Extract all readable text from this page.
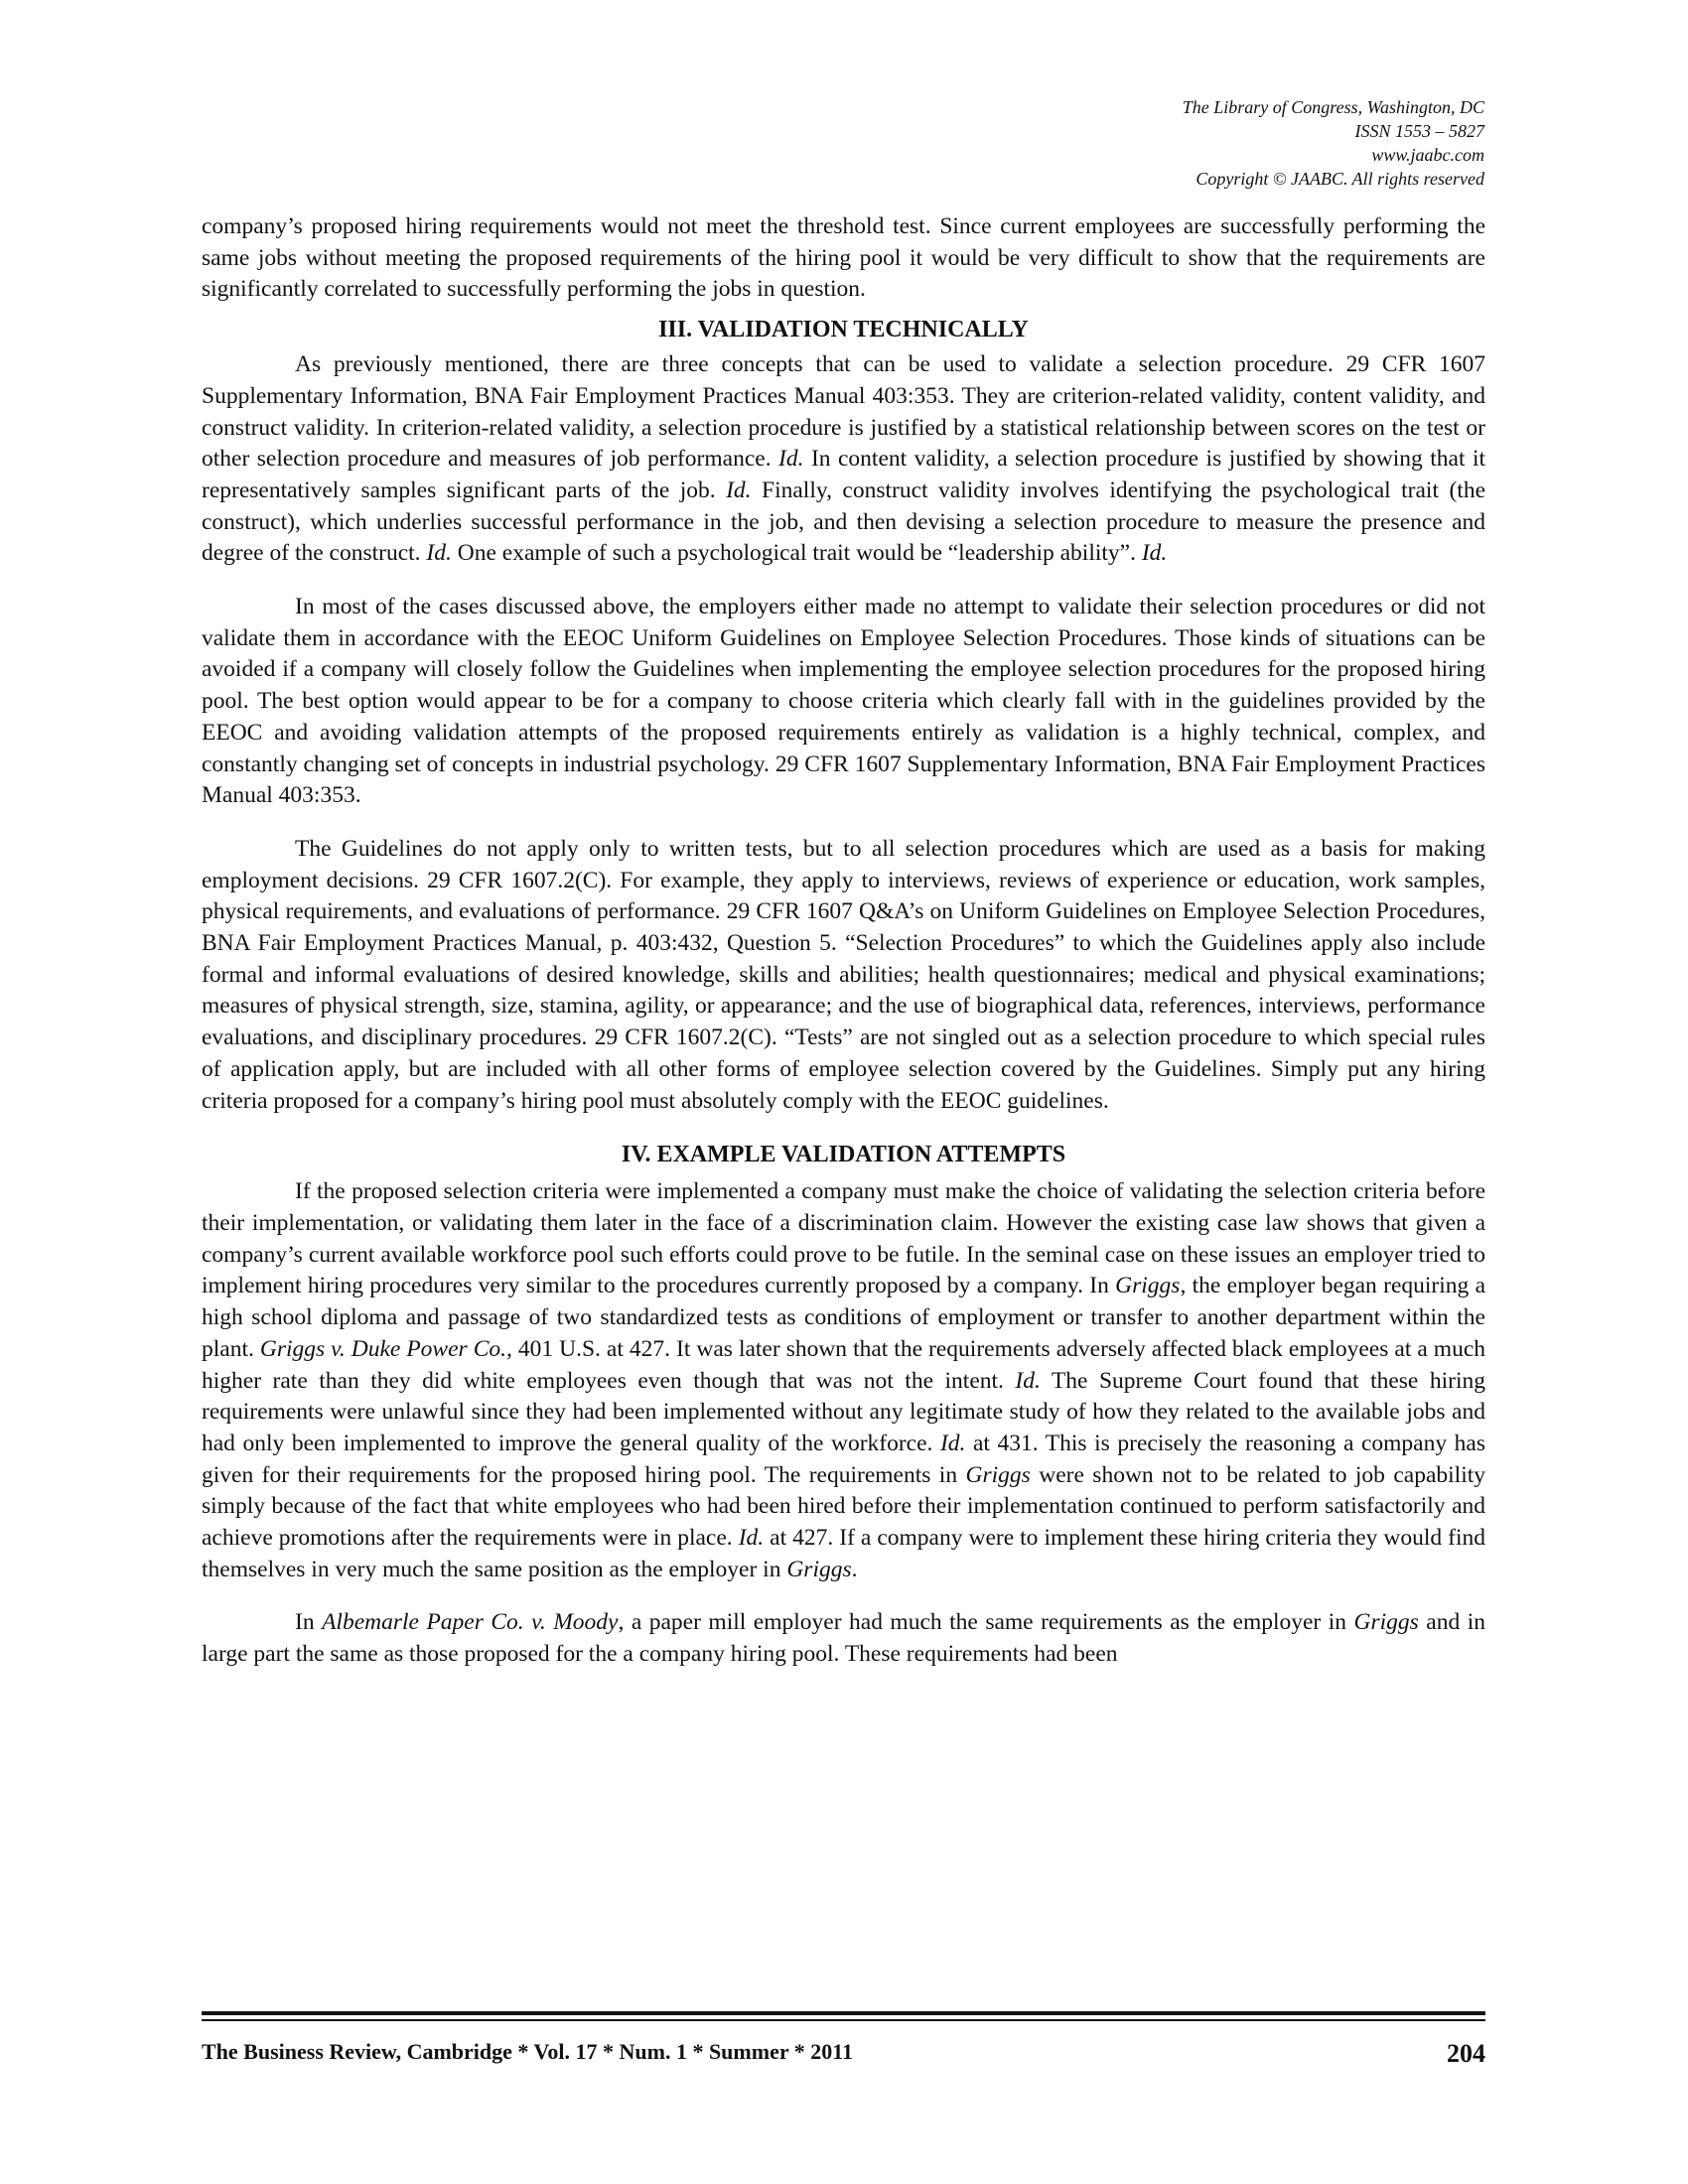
The Library of Congress, Washington, DC
ISSN 1553 – 5827
www.jaabc.com
Copyright © JAABC. All rights reserved

company’s proposed hiring requirements would not meet the threshold test. Since current employees are successfully performing the same jobs without meeting the proposed requirements of the hiring pool it would be very difficult to show that the requirements are significantly correlated to successfully performing the jobs in question.

III. VALIDATION TECHNICALLY

As previously mentioned, there are three concepts that can be used to validate a selection procedure. 29 CFR 1607 Supplementary Information, BNA Fair Employment Practices Manual 403:353. They are criterion-related validity, content validity, and construct validity. In criterion-related validity, a selection procedure is justified by a statistical relationship between scores on the test or other selection procedure and measures of job performance. Id. In content validity, a selection procedure is justified by showing that it representatively samples significant parts of the job. Id. Finally, construct validity involves identifying the psychological trait (the construct), which underlies successful performance in the job, and then devising a selection procedure to measure the presence and degree of the construct. Id. One example of such a psychological trait would be “leadership ability”. Id.

In most of the cases discussed above, the employers either made no attempt to validate their selection procedures or did not validate them in accordance with the EEOC Uniform Guidelines on Employee Selection Procedures. Those kinds of situations can be avoided if a company will closely follow the Guidelines when implementing the employee selection procedures for the proposed hiring pool. The best option would appear to be for a company to choose criteria which clearly fall with in the guidelines provided by the EEOC and avoiding validation attempts of the proposed requirements entirely as validation is a highly technical, complex, and constantly changing set of concepts in industrial psychology. 29 CFR 1607 Supplementary Information, BNA Fair Employment Practices Manual 403:353.

The Guidelines do not apply only to written tests, but to all selection procedures which are used as a basis for making employment decisions. 29 CFR 1607.2(C). For example, they apply to interviews, reviews of experience or education, work samples, physical requirements, and evaluations of performance. 29 CFR 1607 Q&A’s on Uniform Guidelines on Employee Selection Procedures, BNA Fair Employment Practices Manual, p. 403:432, Question 5. “Selection Procedures” to which the Guidelines apply also include formal and informal evaluations of desired knowledge, skills and abilities; health questionnaires; medical and physical examinations; measures of physical strength, size, stamina, agility, or appearance; and the use of biographical data, references, interviews, performance evaluations, and disciplinary procedures. 29 CFR 1607.2(C). “Tests” are not singled out as a selection procedure to which special rules of application apply, but are included with all other forms of employee selection covered by the Guidelines. Simply put any hiring criteria proposed for a company’s hiring pool must absolutely comply with the EEOC guidelines.

IV. EXAMPLE VALIDATION ATTEMPTS

If the proposed selection criteria were implemented a company must make the choice of validating the selection criteria before their implementation, or validating them later in the face of a discrimination claim. However the existing case law shows that given a company’s current available workforce pool such efforts could prove to be futile. In the seminal case on these issues an employer tried to implement hiring procedures very similar to the procedures currently proposed by a company. In Griggs, the employer began requiring a high school diploma and passage of two standardized tests as conditions of employment or transfer to another department within the plant. Griggs v. Duke Power Co., 401 U.S. at 427. It was later shown that the requirements adversely affected black employees at a much higher rate than they did white employees even though that was not the intent. Id. The Supreme Court found that these hiring requirements were unlawful since they had been implemented without any legitimate study of how they related to the available jobs and had only been implemented to improve the general quality of the workforce. Id. at 431. This is precisely the reasoning a company has given for their requirements for the proposed hiring pool. The requirements in Griggs were shown not to be related to job capability simply because of the fact that white employees who had been hired before their implementation continued to perform satisfactorily and achieve promotions after the requirements were in place. Id. at 427. If a company were to implement these hiring criteria they would find themselves in very much the same position as the employer in Griggs.

In Albemarle Paper Co. v. Moody, a paper mill employer had much the same requirements as the employer in Griggs and in large part the same as those proposed for the a company hiring pool. These requirements had been

The Business Review, Cambridge * Vol. 17 * Num. 1 * Summer * 2011	204
